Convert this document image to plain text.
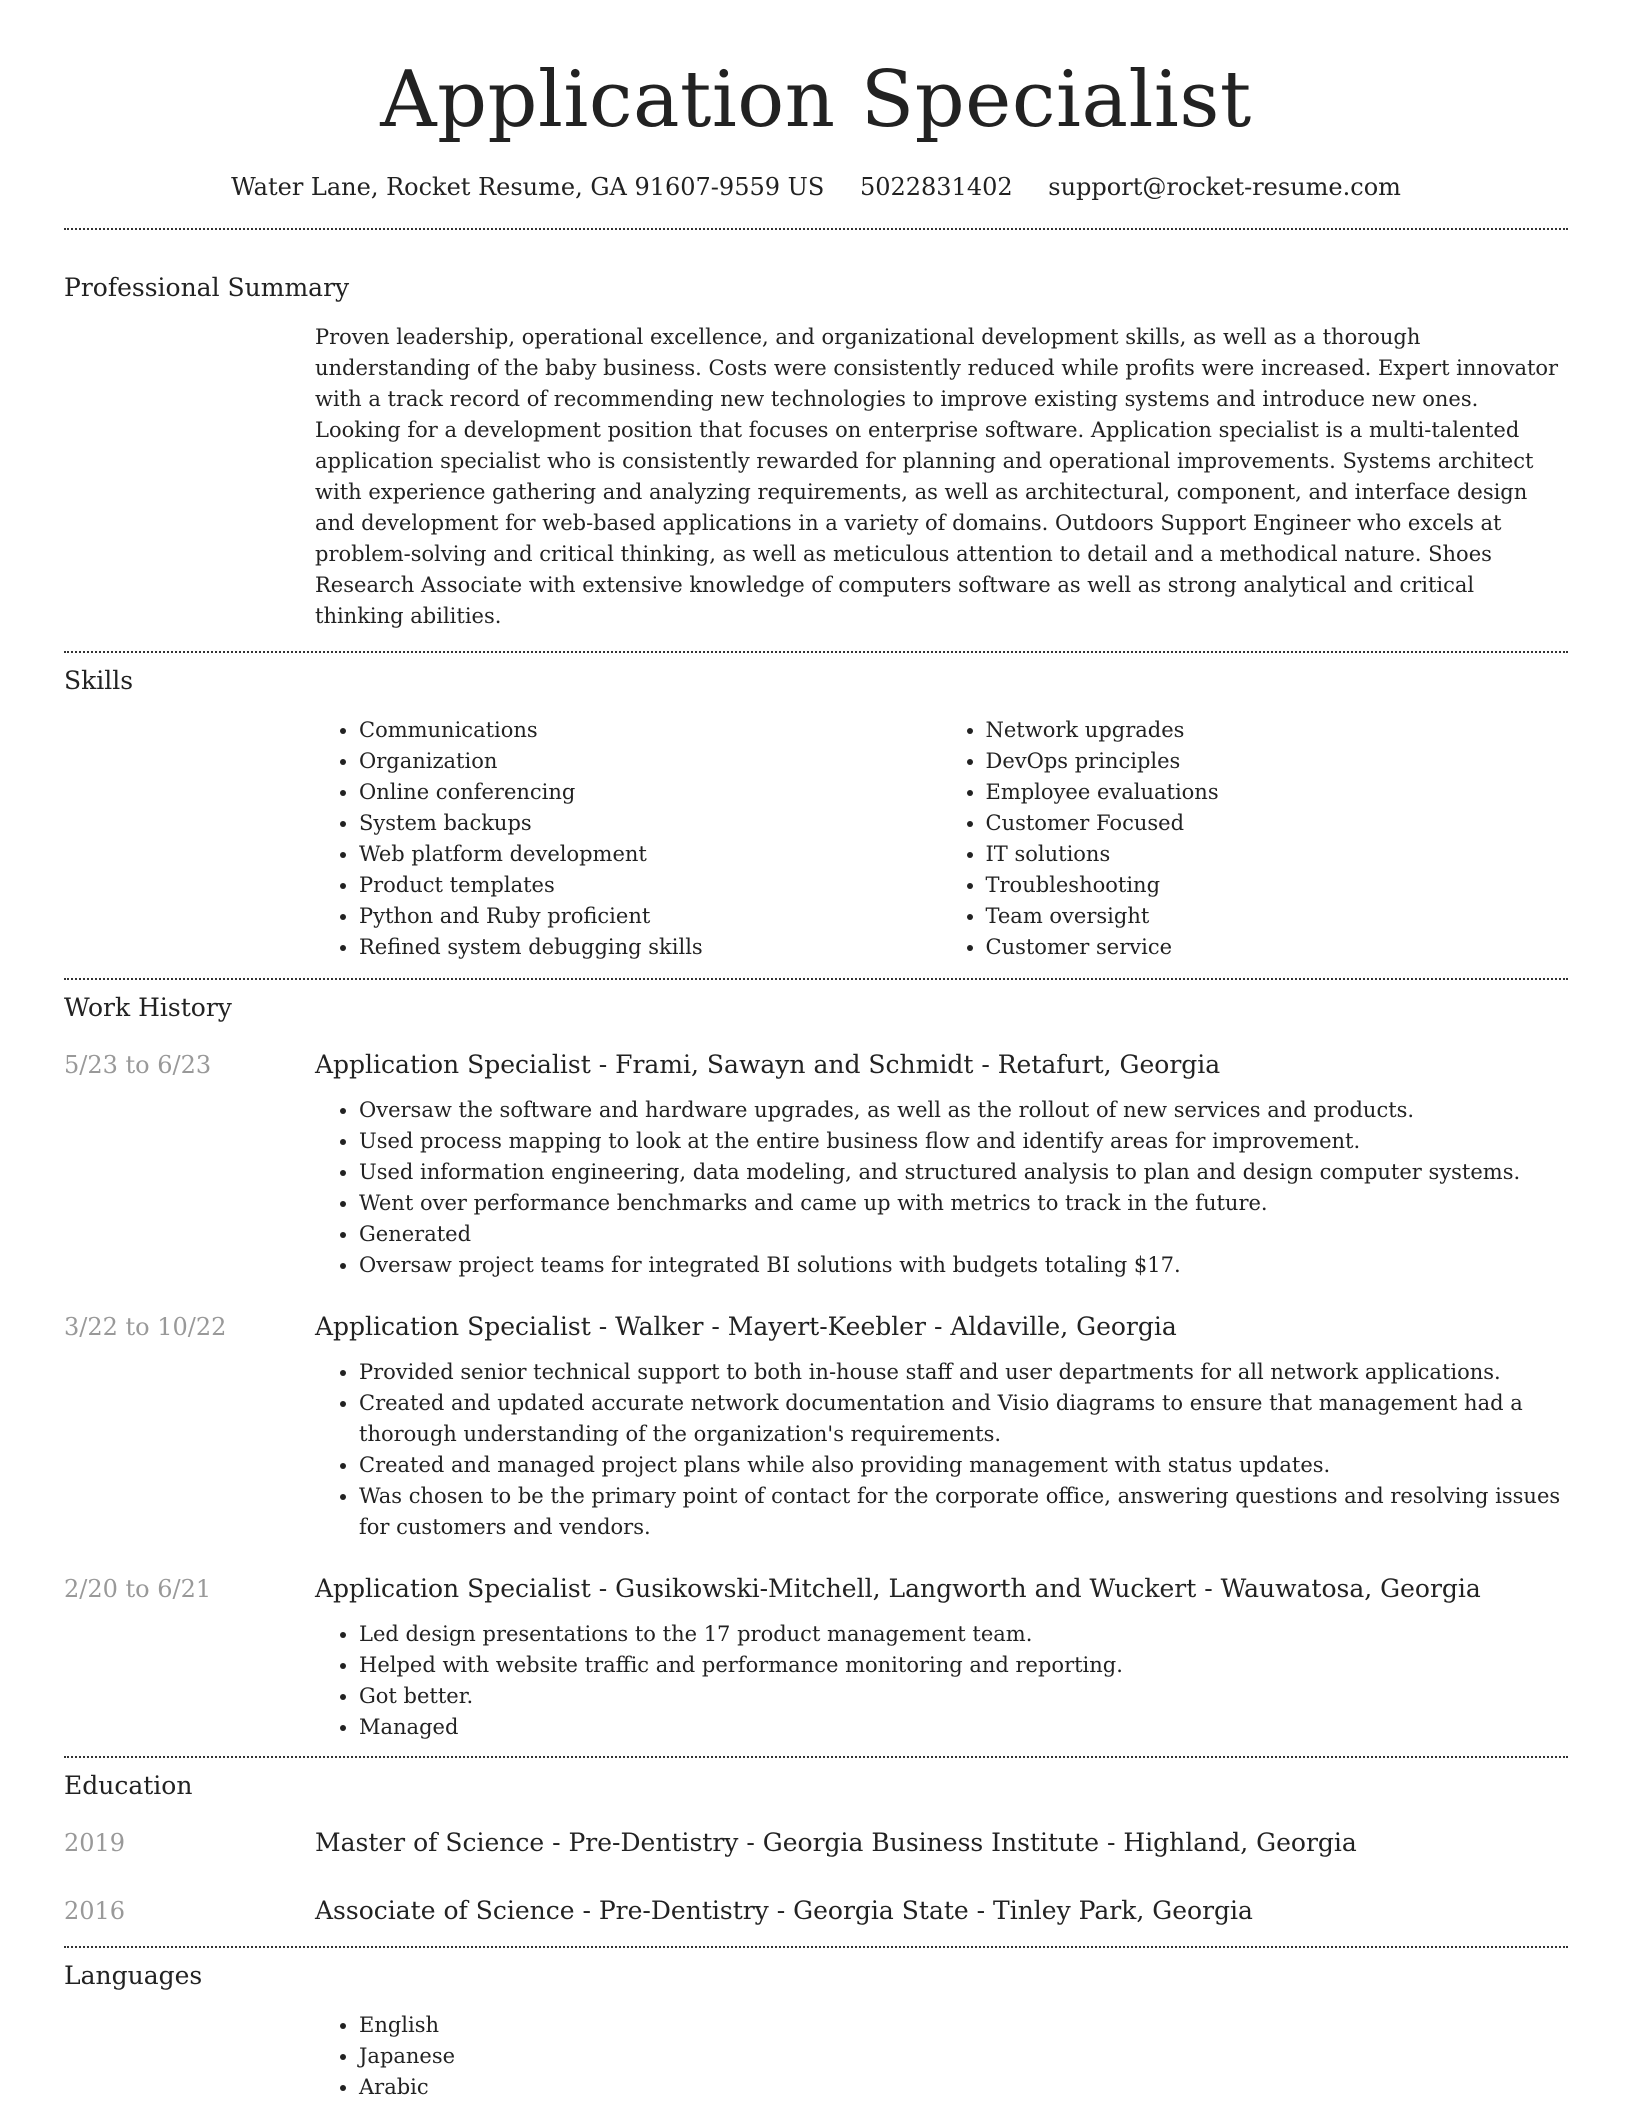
Application Specialist
Water Lane, Rocket Resume, GA 91607-9559 US 5022831402 support@rocket-resume.com
Professional Summary

Proven leadership, operational excellence, and organizational development skills, as well as a thorough understanding of the baby business. Costs were consistently reduced while profits were increased. Expert innovator with a track record of recommending new technologies to improve existing systems and introduce new ones. Looking for a development position that focuses on enterprise software. Application specialist is a multi-talented application specialist who is consistently rewarded for planning and operational improvements. Systems architect with experience gathering and analyzing requirements, as well as architectural, component, and interface design and development for web-based applications in a variety of domains. Outdoors Support Engineer who excels at problem-solving and critical thinking, as well as meticulous attention to detail and a methodical nature. Shoes Research Associate with extensive knowledge of computers software as well as strong analytical and critical thinking abilities.

Skills
• Communications
• Organization
• Online conferencing
• System backups
• Web platform development
• Product templates
• Python and Ruby proficient
• Refined system debugging skills
• Network upgrades
• DevOps principles
• Employee evaluations
• Customer Focused
• IT solutions
• Troubleshooting
• Team oversight
• Customer service
Work History
5/23 to 6/23	Application Specialist - Frami, Sawayn and Schmidt - Retafurt, Georgia
• Oversaw the software and hardware upgrades, as well as the rollout of new services and products.
• Used process mapping to look at the entire business flow and identify areas for improvement.
• Used information engineering, data modeling, and structured analysis to plan and design computer systems.
• Went over performance benchmarks and came up with metrics to track in the future.
• Generated
• Oversaw project teams for integrated BI solutions with budgets totaling $17.
3/22 to 10/22	Application Specialist - Walker - Mayert-Keebler - Aldaville, Georgia
• Provided senior technical support to both in-house staff and user departments for all network applications.
• Created and updated accurate network documentation and Visio diagrams to ensure that management had a thorough understanding of the organization's requirements.
• Created and managed project plans while also providing management with status updates.
• Was chosen to be the primary point of contact for the corporate office, answering questions and resolving issues for customers and vendors.
2/20 to 6/21	Application Specialist - Gusikowski-Mitchell, Langworth and Wuckert - Wauwatosa, Georgia
• Led design presentations to the 17 product management team.
• Helped with website traffic and performance monitoring and reporting.
• Got better.
• Managed
Education
2019	Master of Science - Pre-Dentistry - Georgia Business Institute - Highland, Georgia
2016	Associate of Science - Pre-Dentistry - Georgia State - Tinley Park, Georgia
Languages
• English
• Japanese
• Arabic
